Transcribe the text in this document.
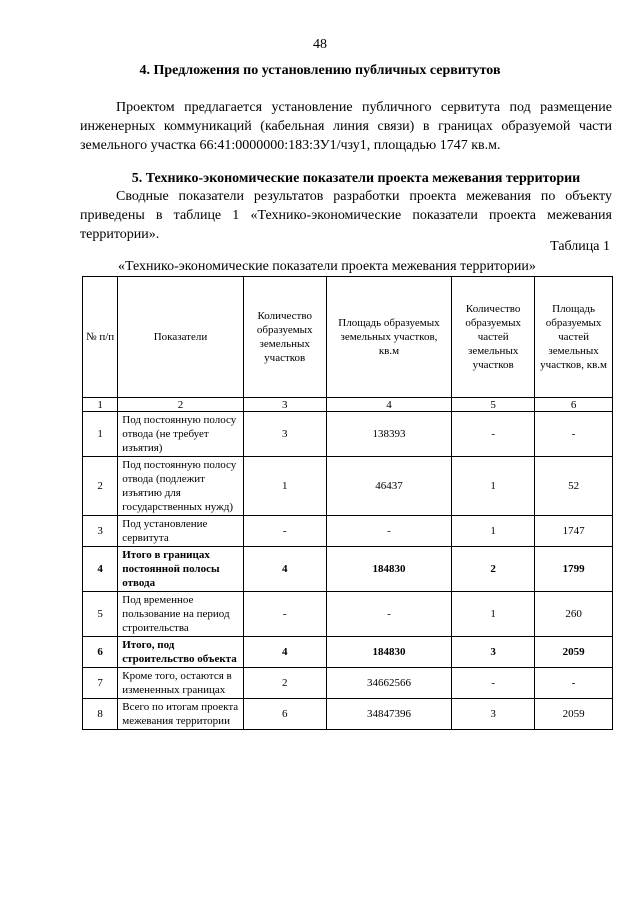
48
4. Предложения по установлению публичных сервитутов

Проектом предлагается установление публичного сервитута под размещение инженерных коммуникаций (кабельная линия связи) в границах образуемой части земельного участка 66:41:0000000:183:ЗУ1/чзу1, площадью 1747 кв.м.

5. Технико-экономические показатели проекта межевания территории

Сводные показатели результатов разработки проекта межевания по объекту приведены в таблице 1 «Технико-экономические показатели проекта межевания территории».

Таблица 1
«Технико-экономические показатели проекта межевания территории»
№ п/п	Показатели	Количество образуемых земельных участков	Площадь образуемых земельных участков, кв.м	Количество образуемых частей земельных участков	Площадь образуемых частей земельных участков, кв.м
1	2	3	4	5	6
1	Под постоянную полосу отвода (не требует изъятия)	3	138393	-	-
2	Под постоянную полосу отвода (подлежит изъятию для государственных нужд)	1	46437	1	52
3	Под установление сервитута	-	-	1	1747
4	Итого в границах постоянной полосы отвода	4	184830	2	1799
5	Под временное пользование на период строительства	-	-	1	260
6	Итого, под строительство объекта	4	184830	3	2059
7	Кроме того, остаются в измененных границах	2	34662566	-	-
8	Всего по итогам проекта межевания территории	6	34847396	3	2059
